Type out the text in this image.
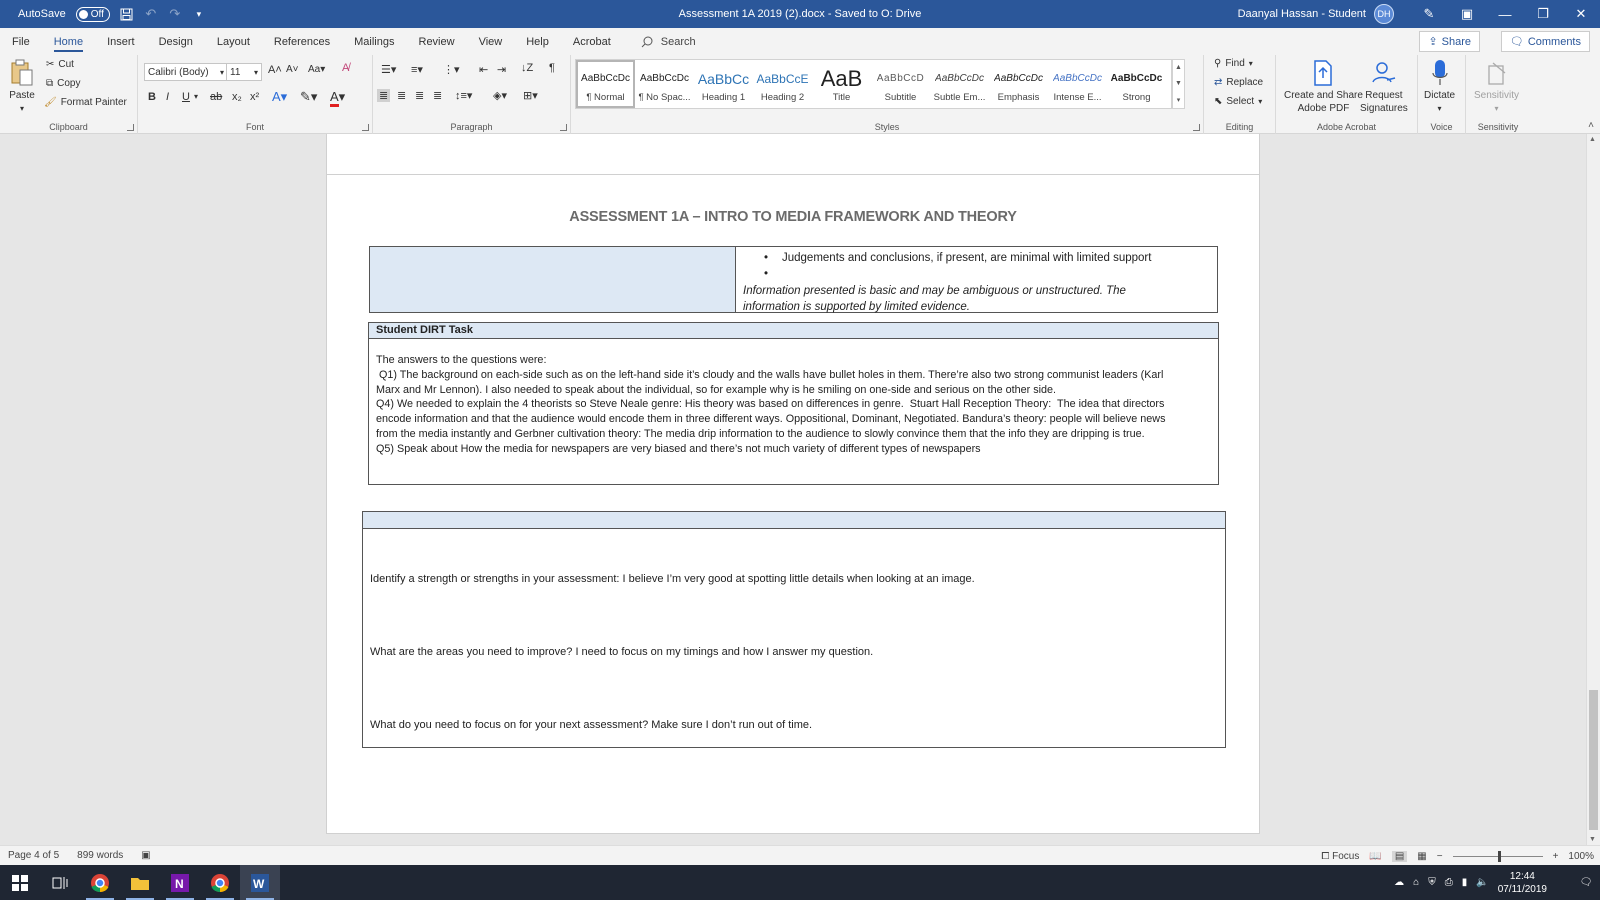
AutoSave	Off	↶ ↷	▾	Assessment 1A 2019 (2).docx - Saved to O: Drive	Daanyal Hassan - Student	DH	✎	▣	—	❐	✕
File	Home	Insert	Design	Layout	References	Mailings	Review	View	Help	Acrobat	Search	⇪ Share	🗨 Comments
Paste
▾
✂ Cut
⧉ Copy
🖌 Format Painter
Clipboard
Calibri (Body) ▾ 11 ▾ A˄ A˅ Aa▾ A̸
B I U ▾ ab x₂ x² A▾ ✎▾ A▾
Font
☰▾ ≡▾ ⋮▾ ⇤ ⇥ ↓Z ¶
≣ ≣ ≣ ≣ ↕≡▾ ◈▾ ⊞▾
Paragraph	Styles
AaBbCcDc
¶ Normal
AaBbCcDc
¶ No Spac...
AaBbCc
Heading 1
AaBbCcE
Heading 2
AaB
Title
AaBbCcD
Subtitle
AaBbCcDc
Subtle Em...
AaBbCcDc
Emphasis
AaBbCcDc
Intense E...
AaBbCcDc
Strong
▲
▼
▾
⚲ Find ▾
⇄ Replace
⬉ Select ▾
Editing
Create and Share
Adobe PDF
Request
Signatures
Adobe Acrobat
Dictate
▾
Voice
Sensitivity
▾
Sensitivity	˄
ASSESSMENT 1A – INTRO TO MEDIA FRAMEWORK AND THEORY
• Judgements and conclusions, if present, are minimal with limited support
•
Information presented is basic and may be ambiguous or unstructured. The
information is supported by limited evidence.
Student DIRT Task
The answers to the questions were:
Q1) The background on each-side such as on the left-hand side it’s cloudy and the walls have bullet holes in them. There’re also two strong communist leaders (Karl
Marx and Mr Lennon). I also needed to speak about the individual, so for example why is he smiling on one-side and serious on the other side.
Q4) We needed to explain the 4 theorists so Steve Neale genre: His theory was based on differences in genre.  Stuart Hall Reception Theory:  The idea that directors
encode information and that the audience would encode them in three different ways. Oppositional, Dominant, Negotiated. Bandura’s theory: people will believe news
from the media instantly and Gerbner cultivation theory: The media drip information to the audience to slowly convince them that the info they are dripping is true.
Q5) Speak about How the media for newspapers are very biased and there’s not much variety of different types of newspapers
Identify a strength or strengths in your assessment: I believe I’m very good at spotting little details when looking at an image.
What are the areas you need to improve? I need to focus on my timings and how I answer my question.
What do you need to focus on for your next assessment? Make sure I don’t run out of time.
▲
▼
Page 4 of 5 899 words ▣	⧠ Focus 📖	▤	▦ −	+ 100%
N	W	☁ ⌂ ⛨ ⎙ ▮ 🔈
12:44
07/11/2019
🗨
